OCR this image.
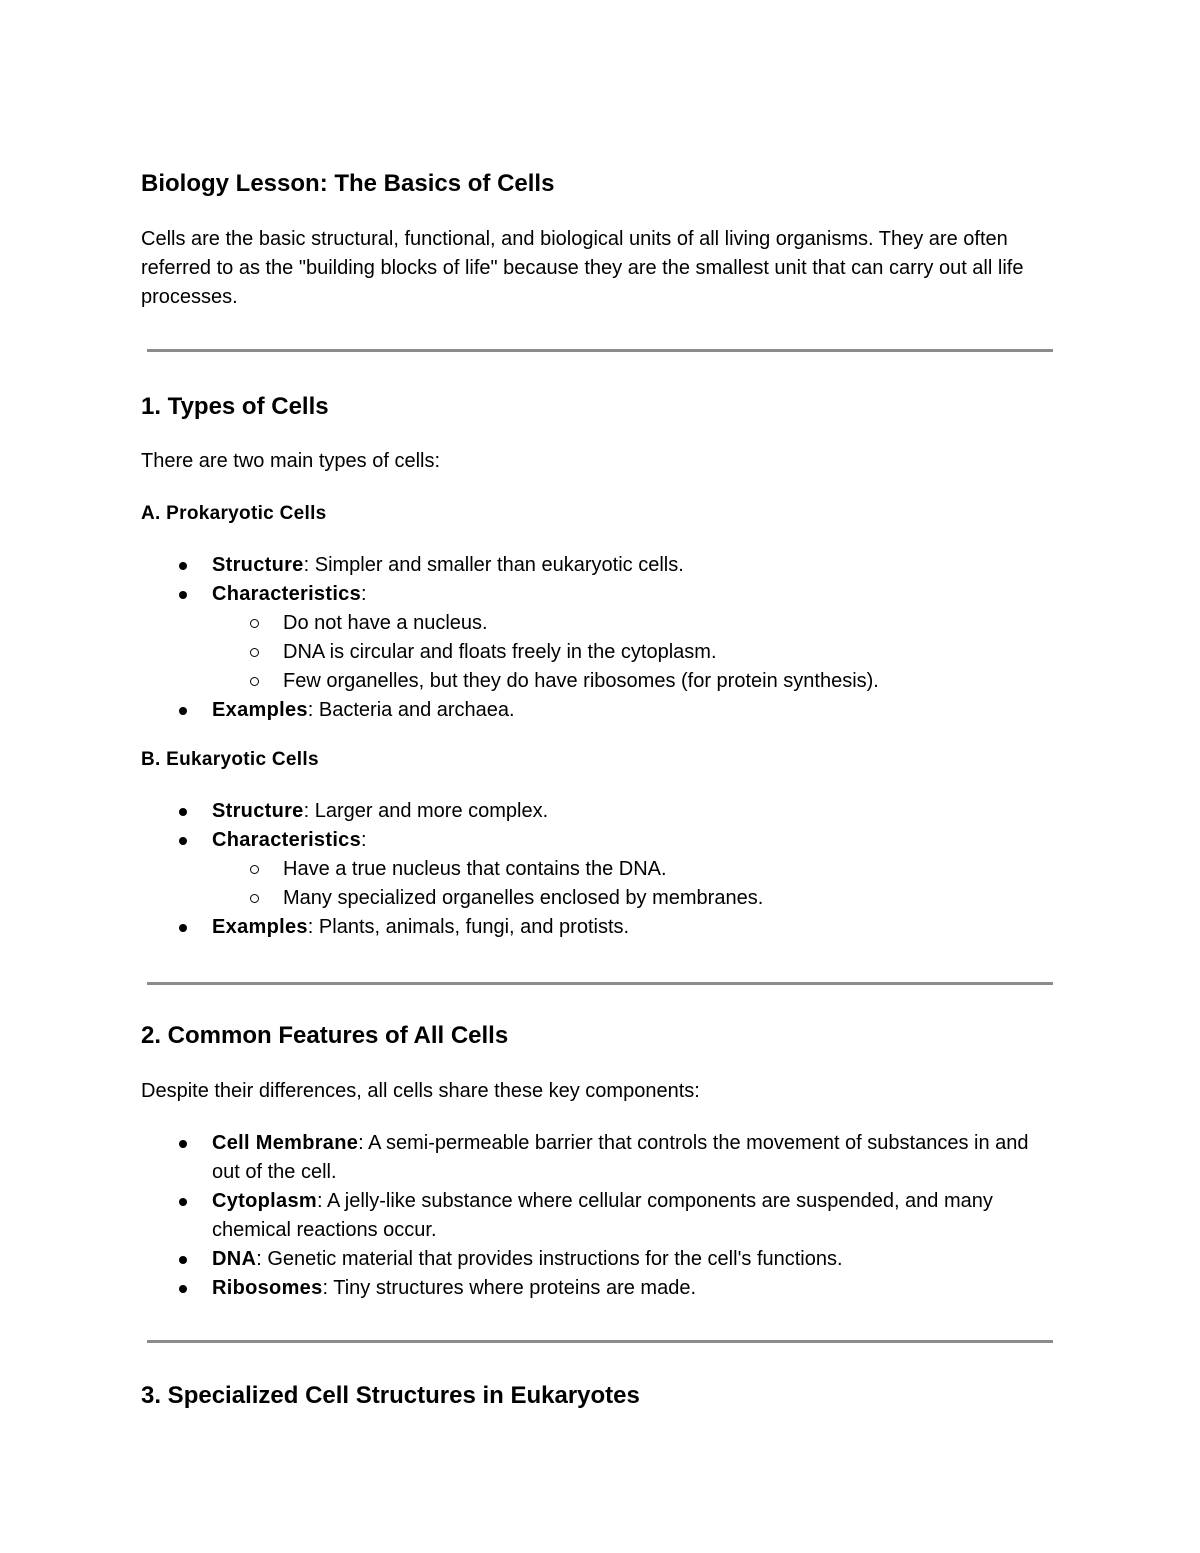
Biology Lesson: The Basics of Cells

Cells are the basic structural, functional, and biological units of all living organisms. They are often referred to as the "building blocks of life" because they are the smallest unit that can carry out all life processes.

1. Types of Cells

There are two main types of cells:

A. Prokaryotic Cells
Structure: Simpler and smaller than eukaryotic cells.
Characteristics:
Do not have a nucleus.
DNA is circular and floats freely in the cytoplasm.
Few organelles, but they do have ribosomes (for protein synthesis).
Examples: Bacteria and archaea.
B. Eukaryotic Cells
Structure: Larger and more complex.
Characteristics:
Have a true nucleus that contains the DNA.
Many specialized organelles enclosed by membranes.
Examples: Plants, animals, fungi, and protists.
2. Common Features of All Cells

Despite their differences, all cells share these key components:

Cell Membrane: A semi-permeable barrier that controls the movement of substances in and out of the cell.
Cytoplasm: A jelly-like substance where cellular components are suspended, and many chemical reactions occur.
DNA: Genetic material that provides instructions for the cell's functions.
Ribosomes: Tiny structures where proteins are made.
3. Specialized Cell Structures in Eukaryotes
